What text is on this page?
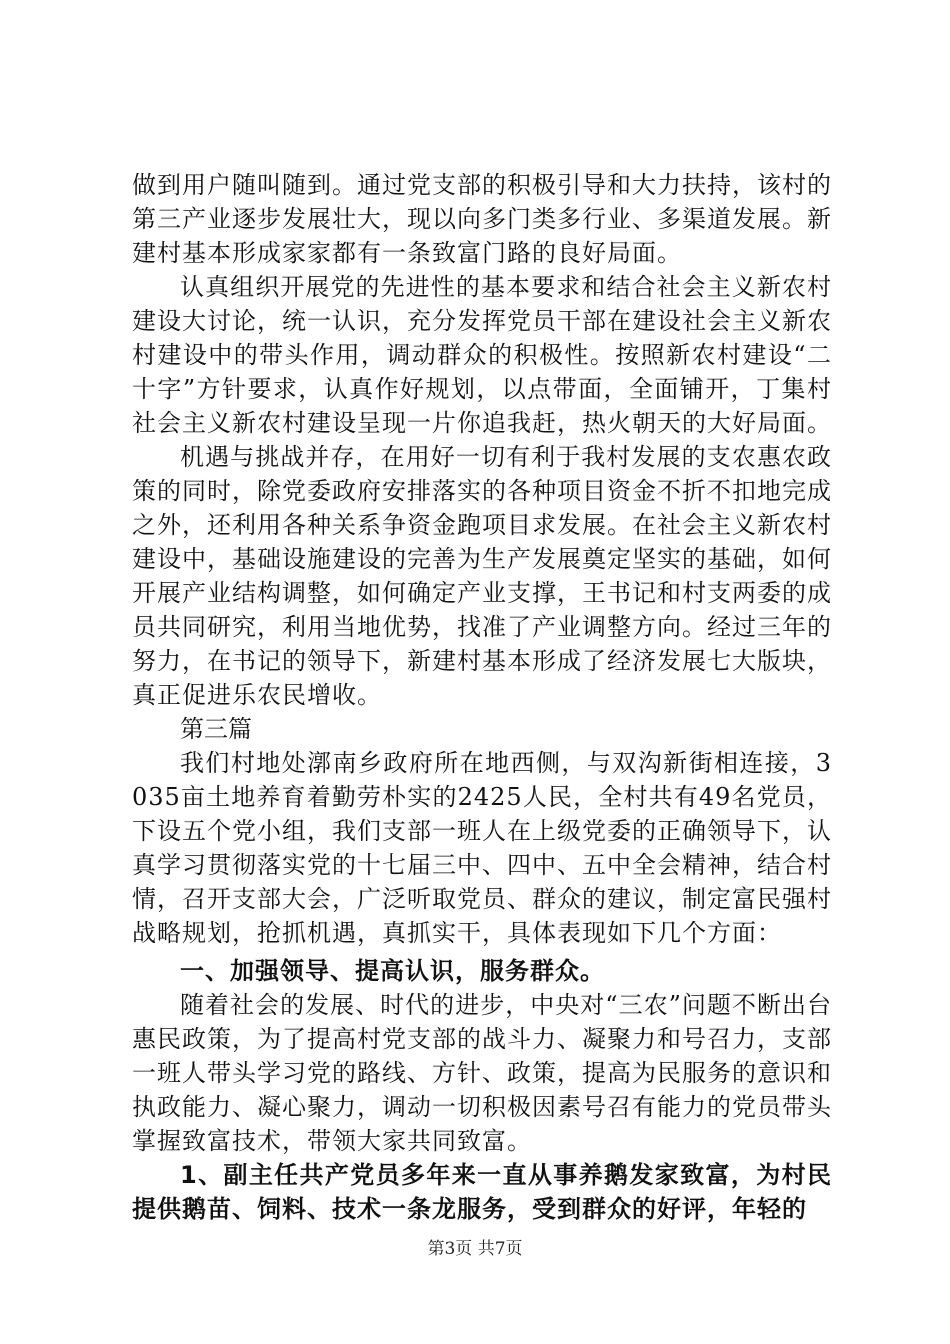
做到用户随叫随到。通过党支部的积极引导和大力扶持，该村的第三产业逐步发展壮大，现以向多门类多行业、多渠道发展。新建村基本形成家家都有一条致富门路的良好局面。

认真组织开展党的先进性的基本要求和结合社会主义新农村建设大讨论，统一认识，充分发挥党员干部在建设社会主义新农村建设中的带头作用，调动群众的积极性。按照新农村建设“二十字”方针要求，认真作好规划，以点带面，全面铺开，丁集村社会主义新农村建设呈现一片你追我赶，热火朝天的大好局面。

机遇与挑战并存，在用好一切有利于我村发展的支农惠农政策的同时，除党委政府安排落实的各种项目资金不折不扣地完成之外，还利用各种关系争资金跑项目求发展。在社会主义新农村建设中，基础设施建设的完善为生产发展奠定坚实的基础，如何开展产业结构调整，如何确定产业支撑，王书记和村支两委的成员共同研究，利用当地优势，找准了产业调整方向。经过三年的努力，在书记的领导下，新建村基本形成了经济发展七大版块，真正促进乐农民增收。

第三篇

我们村地处漷南乡政府所在地西侧，与双沟新街相连接，3035亩土地养育着勤劳朴实的2425人民，全村共有49名党员，下设五个党小组，我们支部一班人在上级党委的正确领导下，认真学习贯彻落实党的十七届三中、四中、五中全会精神，结合村情，召开支部大会，广泛听取党员、群众的建议，制定富民强村战略规划，抢抓机遇，真抓实干，具体表现如下几个方面：

一、加强领导、提高认识，服务群众。

随着社会的发展、时代的进步，中央对“三农”问题不断出台惠民政策，为了提高村党支部的战斗力、凝聚力和号召力，支部一班人带头学习党的路线、方针、政策，提高为民服务的意识和执政能力、凝心聚力，调动一切积极因素号召有能力的党员带头掌握致富技术，带领大家共同致富。

1、副主任共产党员多年来一直从事养鹅发家致富，为村民提供鹅苗、饲料、技术一条龙服务，受到群众的好评，年轻的

第3页 共7页
